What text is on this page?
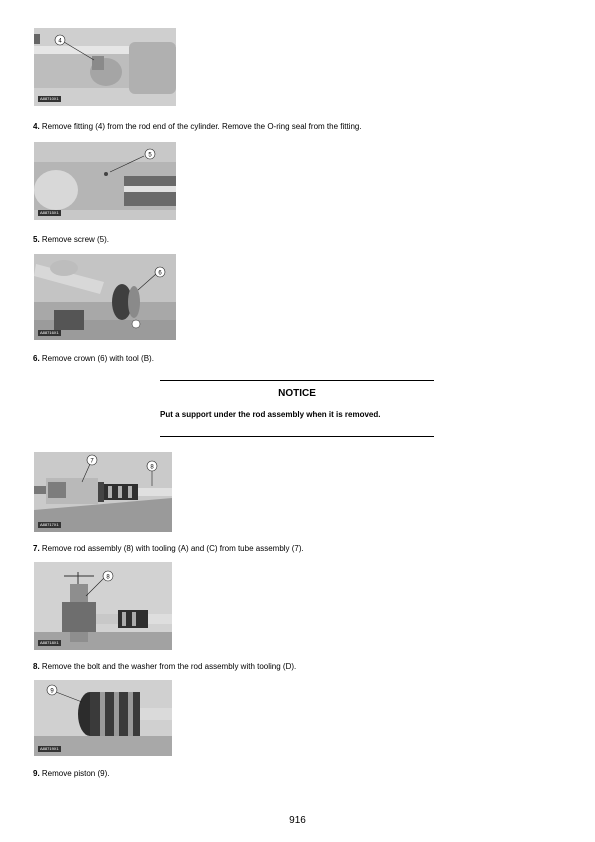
4
A88710X1
4. Remove fitting (4) from the rod end of the cylinder. Remove the O-ring seal from the fitting.
5
A88715X1
5. Remove screw (5).
6
A88716X1
6. Remove crown (6) with tool (B).
NOTICE
Put a support under the rod assembly when it is removed.
7
8
A88717X1
7. Remove rod assembly (8) with tooling (A) and (C) from tube assembly (7).
8
A88718X1
8. Remove the bolt and the washer from the rod assembly with tooling (D).
9
A88719X1
9. Remove piston (9).
916
